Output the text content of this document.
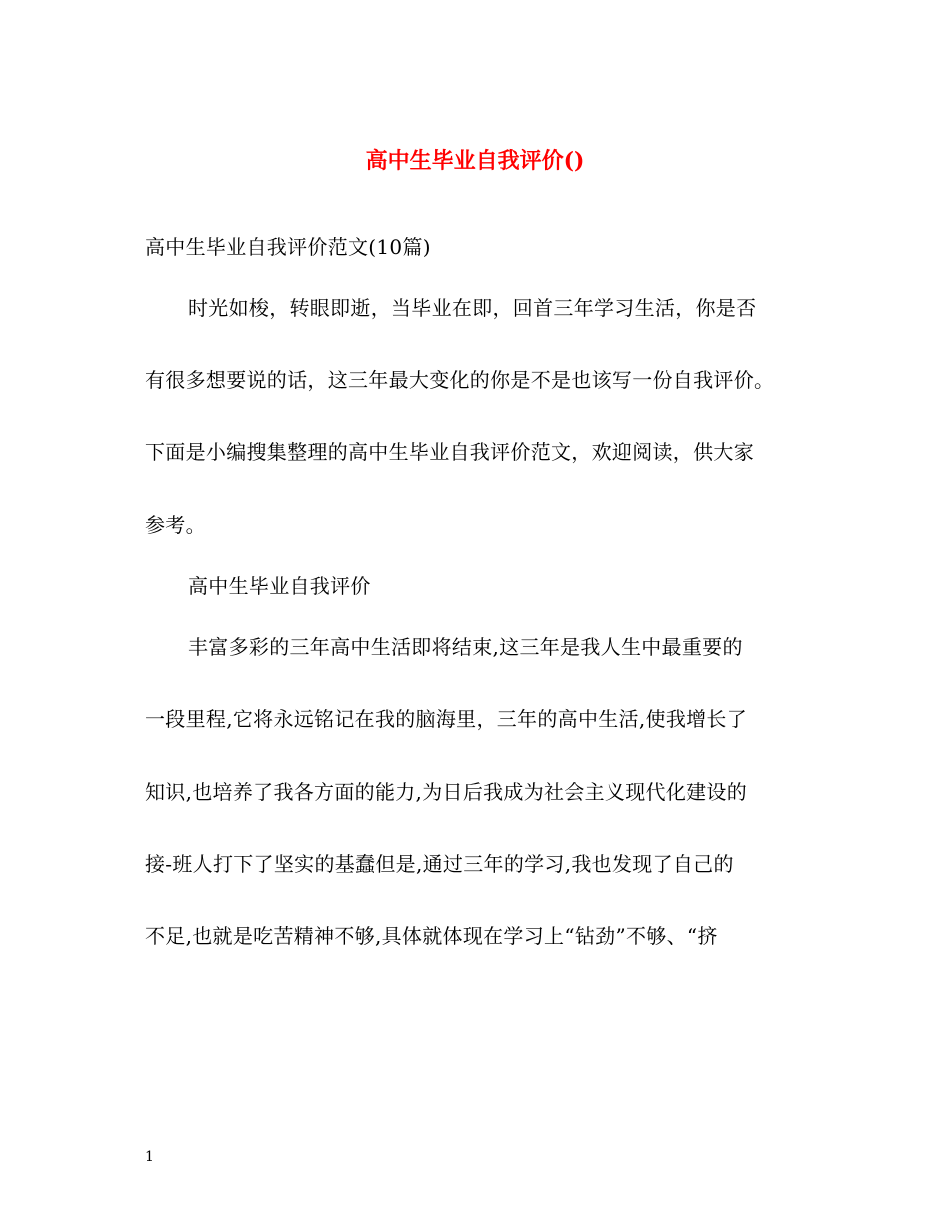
高中生毕业自我评价()
高中生毕业自我评价范文(10篇)
时光如梭，转眼即逝，当毕业在即，回首三年学习生活，你是否
有很多想要说的话，这三年最大变化的你是不是也该写一份自我评价。
下面是小编搜集整理的高中生毕业自我评价范文，欢迎阅读，供大家
参考。
高中生毕业自我评价
丰富多彩的三年高中生活即将结束,这三年是我人生中最重要的
一段里程,它将永远铭记在我的脑海里，三年的高中生活,使我增长了
知识,也培养了我各方面的能力,为日后我成为社会主义现代化建设的
接-班人打下了坚实的基蠢但是,通过三年的学习,我也发现了自己的
不足,也就是吃苦精神不够,具体就体现在学习上“钻劲”不够、“挤
1
